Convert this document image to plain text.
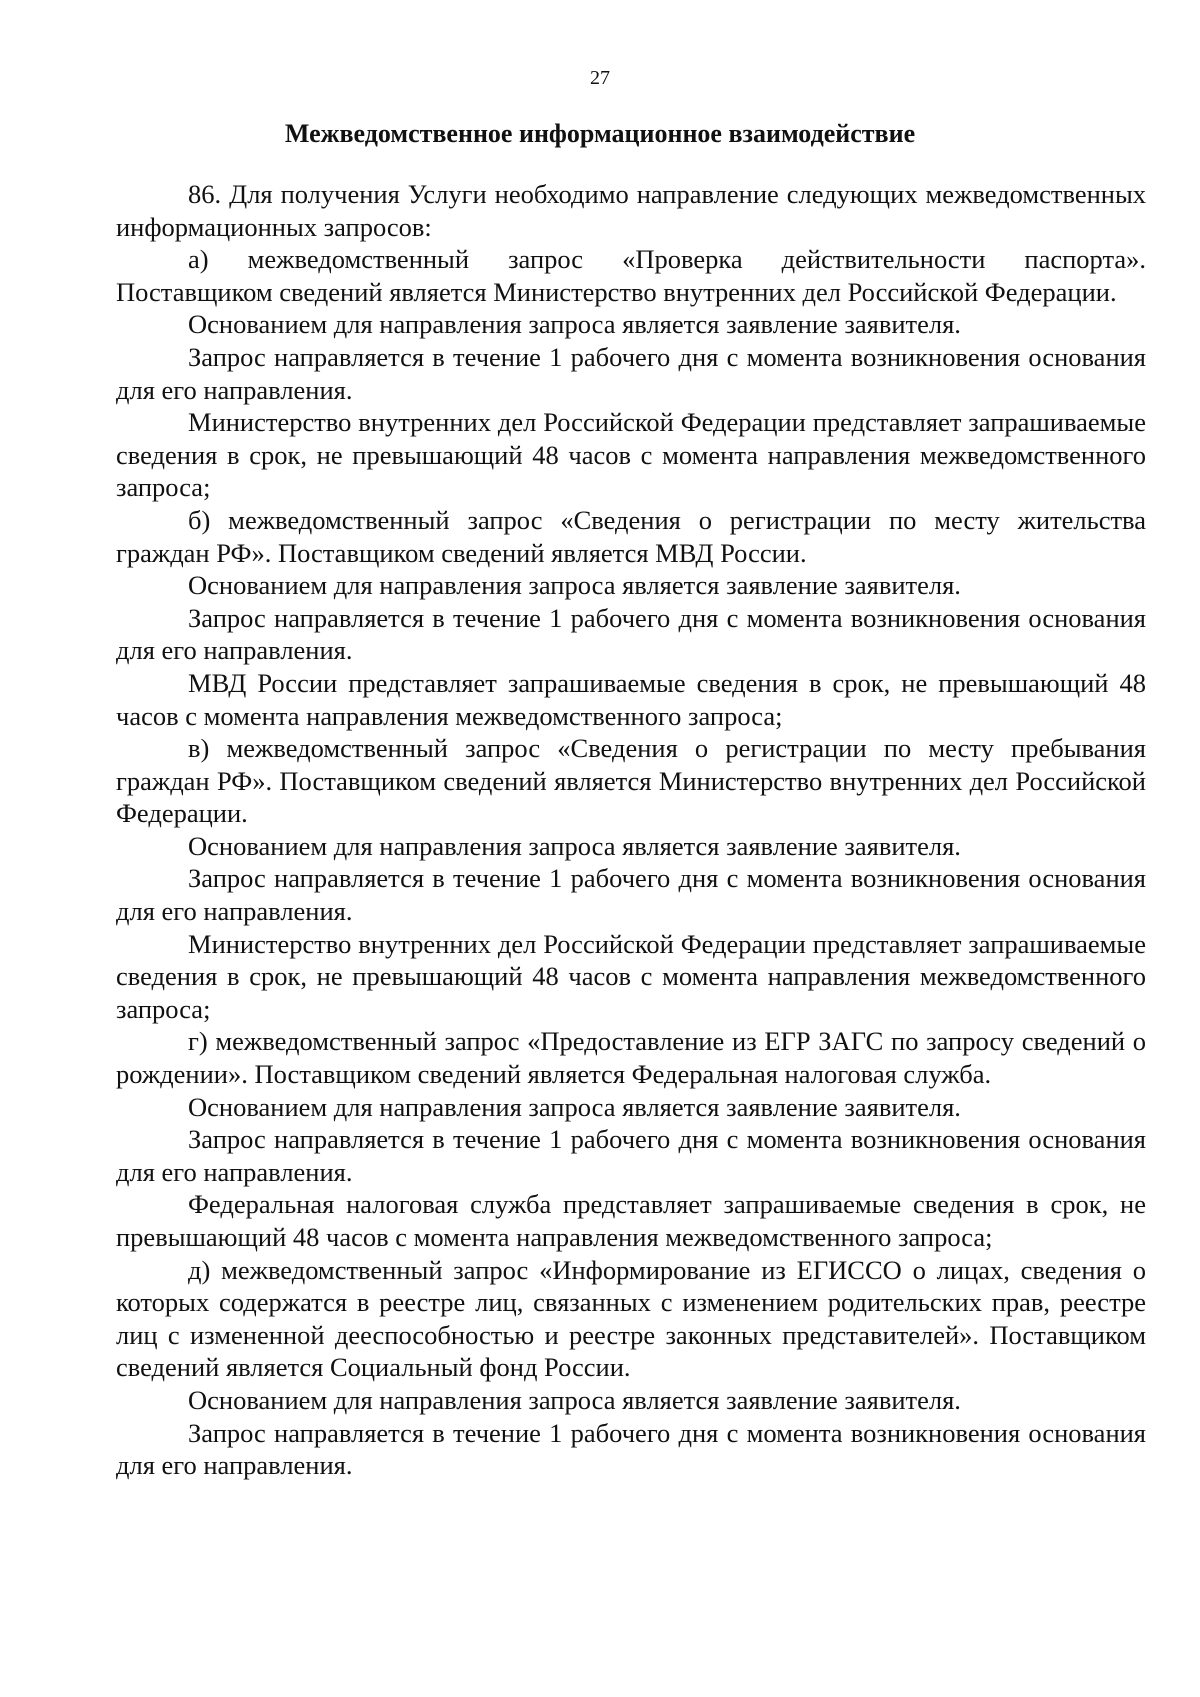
27
Межведомственное информационное взаимодействие

86. Для получения Услуги необходимо направление следующих межведомственных информационных запросов:

а) межведомственный запрос «Проверка действительности паспорта». Поставщиком сведений является Министерство внутренних дел Российской Федерации.

Основанием для направления запроса является заявление заявителя.

Запрос направляется в течение 1 рабочего дня с момента возникновения основания для его направления.

Министерство внутренних дел Российской Федерации представляет запрашиваемые сведения в срок, не превышающий 48 часов с момента направления межведомственного запроса;

б) межведомственный запрос «Сведения о регистрации по месту жительства граждан РФ». Поставщиком сведений является МВД России.

Основанием для направления запроса является заявление заявителя.

Запрос направляется в течение 1 рабочего дня с момента возникновения основания для его направления.

МВД России представляет запрашиваемые сведения в срок, не превышающий 48 часов с момента направления межведомственного запроса;

в) межведомственный запрос «Сведения о регистрации по месту пребывания граждан РФ». Поставщиком сведений является Министерство внутренних дел Российской Федерации.

Основанием для направления запроса является заявление заявителя.

Запрос направляется в течение 1 рабочего дня с момента возникновения основания для его направления.

Министерство внутренних дел Российской Федерации представляет запрашиваемые сведения в срок, не превышающий 48 часов с момента направления межведомственного запроса;

г) межведомственный запрос «Предоставление из ЕГР ЗАГС по запросу сведений о рождении». Поставщиком сведений является Федеральная налоговая служба.

Основанием для направления запроса является заявление заявителя.

Запрос направляется в течение 1 рабочего дня с момента возникновения основания для его направления.

Федеральная налоговая служба представляет запрашиваемые сведения в срок, не превышающий 48 часов с момента направления межведомственного запроса;

д) межведомственный запрос «Информирование из ЕГИССО о лицах, сведения о которых содержатся в реестре лиц, связанных с изменением родительских прав, реестре лиц с измененной дееспособностью и реестре законных представителей». Поставщиком сведений является Социальный фонд России.

Основанием для направления запроса является заявление заявителя.

Запрос направляется в течение 1 рабочего дня с момента возникновения основания для его направления.
